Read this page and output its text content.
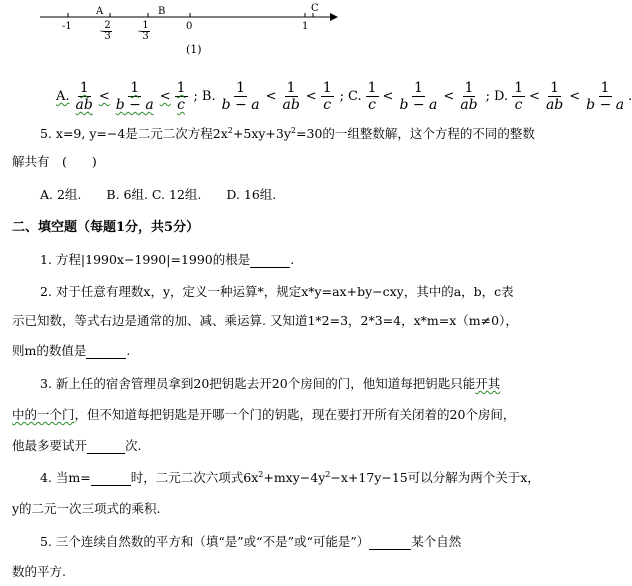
-1	0	1
A	B	C
-
2
3	-
1
3
(1)
A. $\frac{1}{ab} < \frac{1}{b - a} < \frac{1}{c}$ ; B. $\frac{1}{b - a} < \frac{1}{ab} < \frac{1}{c}$ ; C. $\frac{1}{c} < \frac{1}{b - a} < \frac{1}{ab}$ ; D. $\frac{1}{c} < \frac{1}{ab} < \frac{1}{b - a}$ .
5. x=9, y=−4是二元二次方程$2x^2+5xy+3y^2=30$的一组整数解，这个方程的不同的整数
解共有　(　　)
A. 2组.　　B. 6组. C. 12组.　　D. 16组.
二、填空题（每题1分，共5分）
1. 方程|1990x−1990|=1990的根是	.
2. 对于任意有理数x，y，定义一种运算*，规定x*y=ax+by−cxy，其中的a，b，c表
示已知数，等式右边是通常的加、减、乘运算. 又知道1*2=3，2*3=4，x*m=x（m≠0），
则m的数值是	.
3. 新上任的宿舍管理员拿到20把钥匙去开20个房间的门，他知道每把钥匙只能开其
中的一个门，但不知道每把钥匙是开哪一个门的钥匙，现在要打开所有关闭着的20个房间，
他最多要试开	次.
4. 当m=	时，二元二次六项式$6x^2+mxy-4y^2-x+17y-15$可以分解为两个关于x，
y的二元一次三项式的乘积.
5. 三个连续自然数的平方和（填“是”或“不是”或“可能是”）	某个自然
数的平方.
